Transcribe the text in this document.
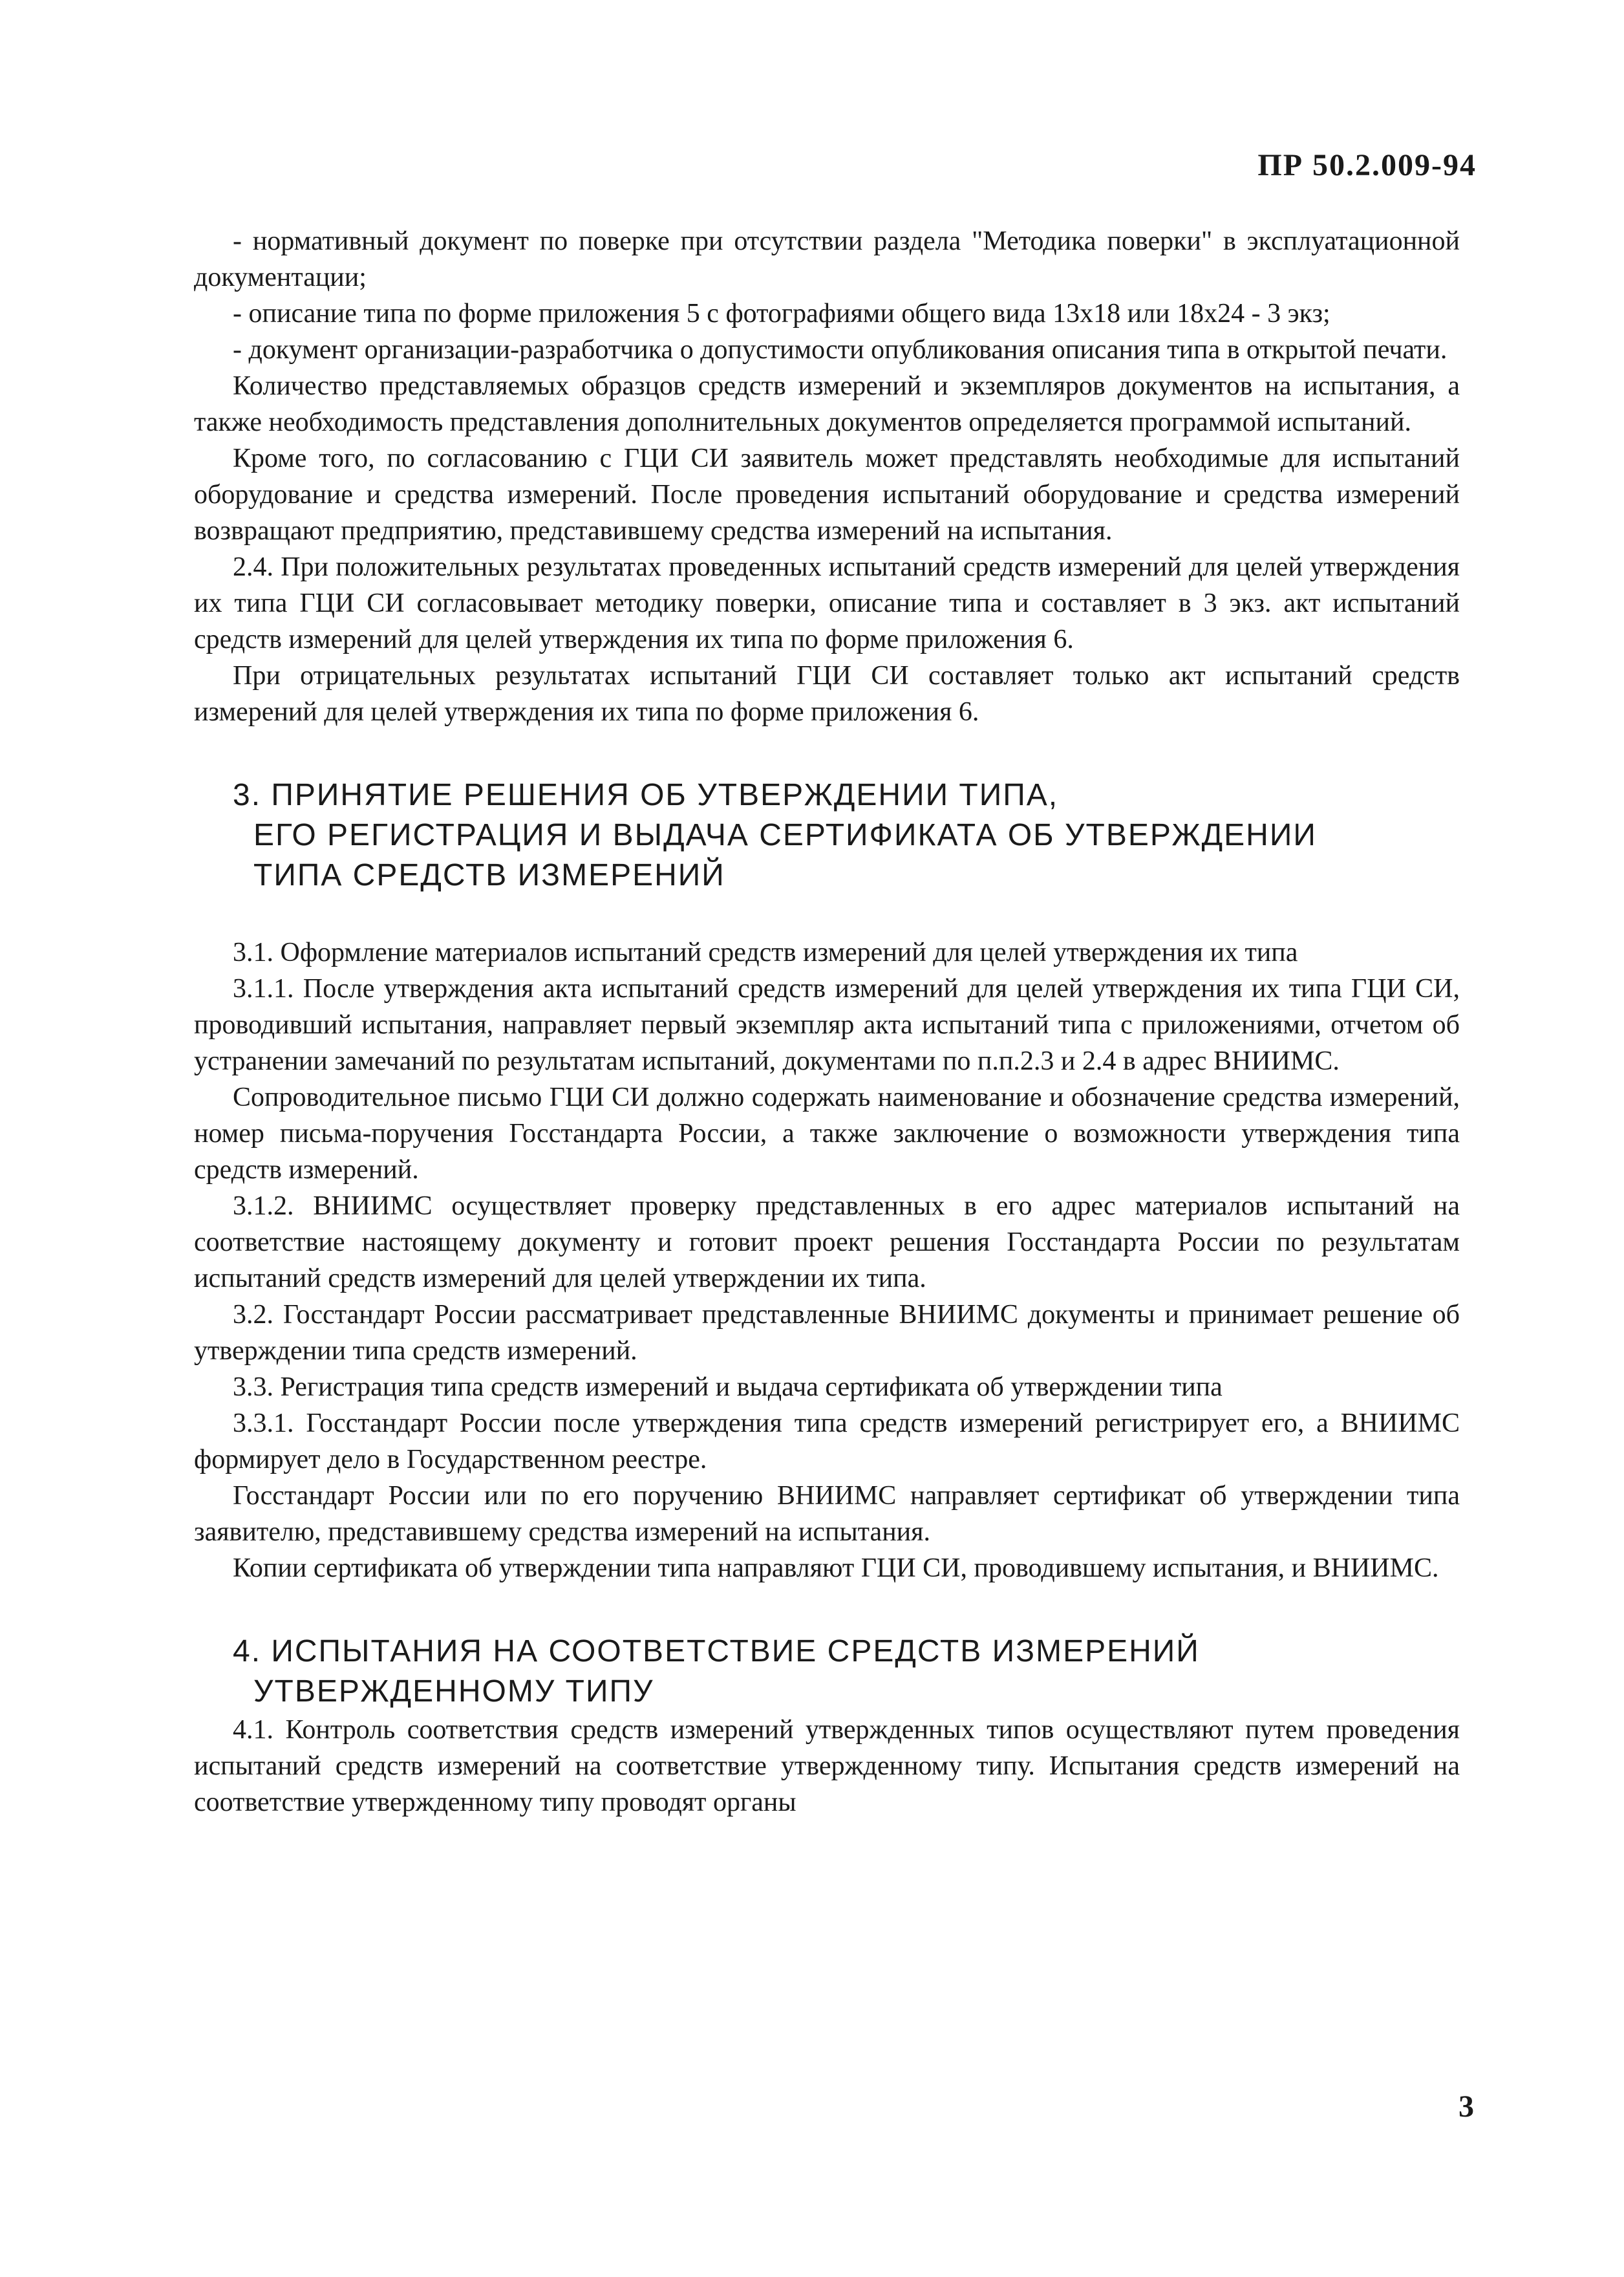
ПР 50.2.009-94

- нормативный документ по поверке при отсутствии раздела "Методика поверки" в эксплуатационной документации;

- описание типа по форме приложения 5 с фотографиями общего вида 13x18 или 18x24 - 3 экз;

- документ организации-разработчика о допустимости опубликования описания типа в открытой печати.

Количество представляемых образцов средств измерений и экземпляров документов на испытания, а также необходимость представления дополнительных документов определяется программой испытаний.

Кроме того, по согласованию с ГЦИ СИ заявитель может представлять необходимые для испытаний оборудование и средства измерений. После проведения испытаний оборудование и средства измерений возвращают предприятию, представившему средства измерений на испытания.

2.4. При положительных результатах проведенных испытаний средств измерений для целей утверждения их типа ГЦИ СИ согласовывает методику поверки, описание типа и составляет в 3 экз. акт испытаний средств измерений для целей утверждения их типа по форме приложения 6.

При отрицательных результатах испытаний ГЦИ СИ составляет только акт испытаний средств измерений для целей утверждения их типа по форме приложения 6.

3. ПРИНЯТИЕ РЕШЕНИЯ ОБ УТВЕРЖДЕНИИ ТИПА,
ЕГО РЕГИСТРАЦИЯ И ВЫДАЧА СЕРТИФИКАТА ОБ УТВЕРЖДЕНИИ
ТИПА СРЕДСТВ ИЗМЕРЕНИЙ

3.1. Оформление материалов испытаний средств измерений для целей утверждения их типа

3.1.1. После утверждения акта испытаний средств измерений для целей утверждения их типа ГЦИ СИ, проводивший испытания, направляет первый экземпляр акта испытаний типа с приложениями, отчетом об устранении замечаний по результатам испытаний, документами по п.п.2.3 и 2.4 в адрес ВНИИМС.

Сопроводительное письмо ГЦИ СИ должно содержать наименование и обозначение средства измерений, номер письма-поручения Госстандарта России, а также заключение о возможности утверждения типа средств измерений.

3.1.2. ВНИИМС осуществляет проверку представленных в его адрес материалов испытаний на соответствие настоящему документу и готовит проект решения Госстандарта России по результатам испытаний средств измерений для целей утверждении их типа.

3.2. Госстандарт России рассматривает представленные ВНИИМС документы и принимает решение об утверждении типа средств измерений.

3.3. Регистрация типа средств измерений и выдача сертификата об утверждении типа

3.3.1. Госстандарт России после утверждения типа средств измерений регистрирует его, а ВНИИМС формирует дело в Государственном реестре.

Госстандарт России или по его поручению ВНИИМС направляет сертификат об утверждении типа заявителю, представившему средства измерений на испытания.

Копии сертификата об утверждении типа направляют ГЦИ СИ, проводившему испытания, и ВНИИМС.

4. ИСПЫТАНИЯ НА СООТВЕТСТВИЕ СРЕДСТВ ИЗМЕРЕНИЙ
УТВЕРЖДЕННОМУ ТИПУ

4.1. Контроль соответствия средств измерений утвержденных типов осуществляют путем проведения испытаний средств измерений на соответствие утвержденному типу. Испытания средств измерений на соответствие утвержденному типу проводят органы

3
